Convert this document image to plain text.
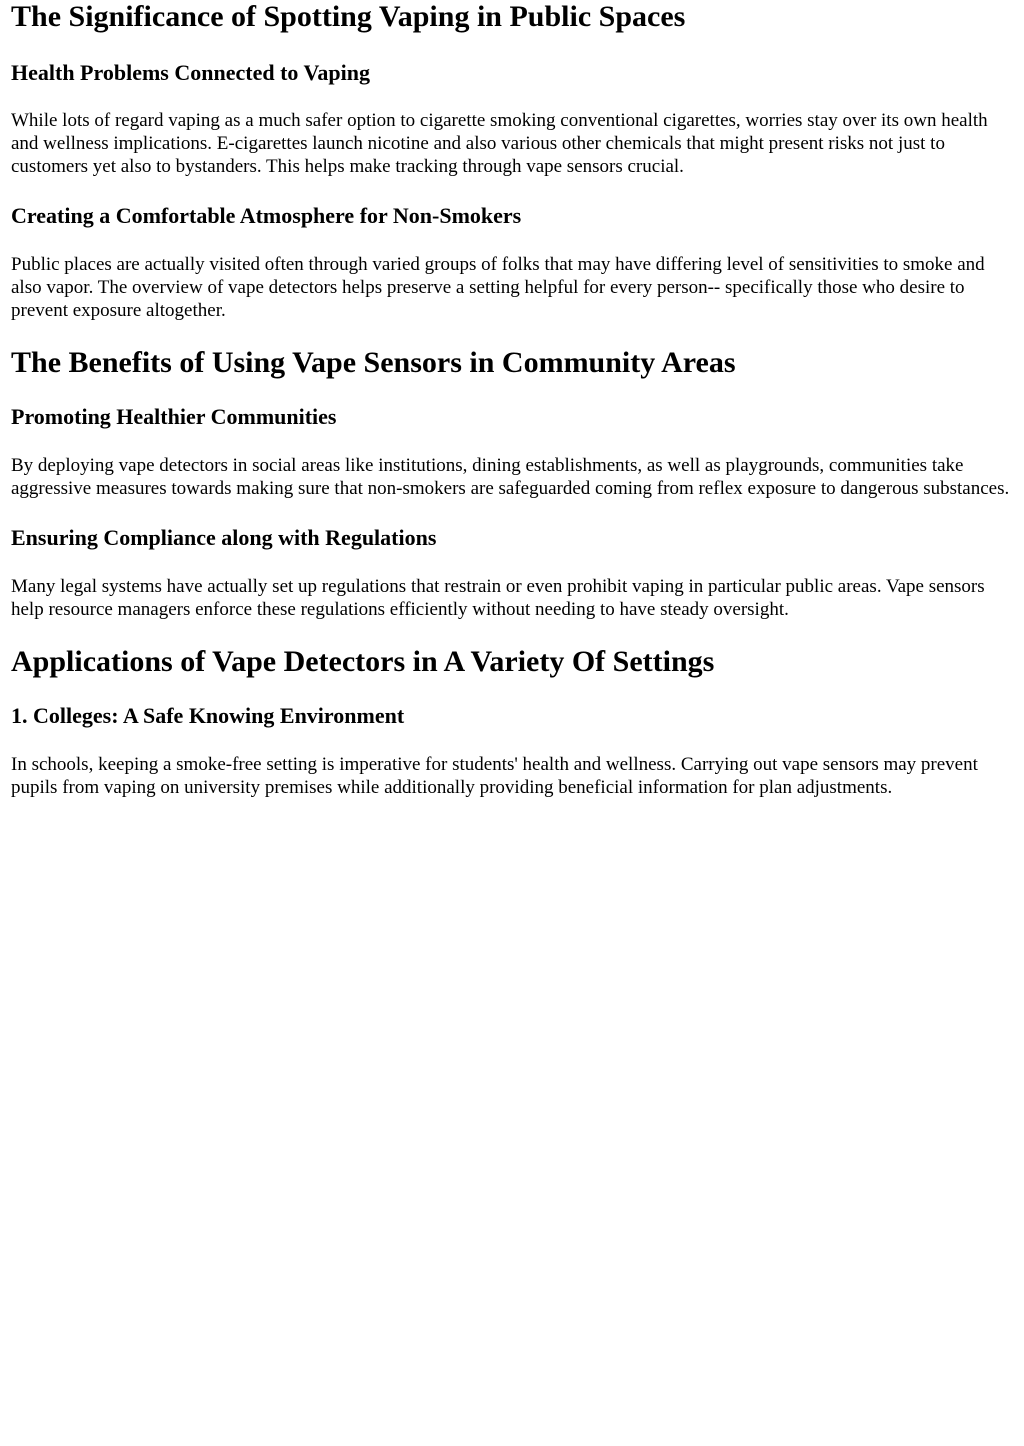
The Significance of Spotting Vaping in Public Spaces
Health Problems Connected to Vaping

While lots of regard vaping as a much safer option to cigarette smoking conventional cigarettes, worries stay over its own health and wellness implications. E-cigarettes launch nicotine and also various other chemicals that might present risks not just to customers yet also to bystanders. This helps make tracking through vape sensors crucial.

Creating a Comfortable Atmosphere for Non-Smokers

Public places are actually visited often through varied groups of folks that may have differing level of sensitivities to smoke and also vapor. The overview of vape detectors helps preserve a setting helpful for every person-- specifically those who desire to prevent exposure altogether.

The Benefits of Using Vape Sensors in Community Areas
Promoting Healthier Communities

By deploying vape detectors in social areas like institutions, dining establishments, as well as playgrounds, communities take aggressive measures towards making sure that non-smokers are safeguarded coming from reflex exposure to dangerous substances.

Ensuring Compliance along with Regulations

Many legal systems have actually set up regulations that restrain or even prohibit vaping in particular public areas. Vape sensors help resource managers enforce these regulations efficiently without needing to have steady oversight.

Applications of Vape Detectors in A Variety Of Settings
1. Colleges: A Safe Knowing Environment

In schools, keeping a smoke-free setting is imperative for students' health and wellness. Carrying out vape sensors may prevent pupils from vaping on university premises while additionally providing beneficial information for plan adjustments.
